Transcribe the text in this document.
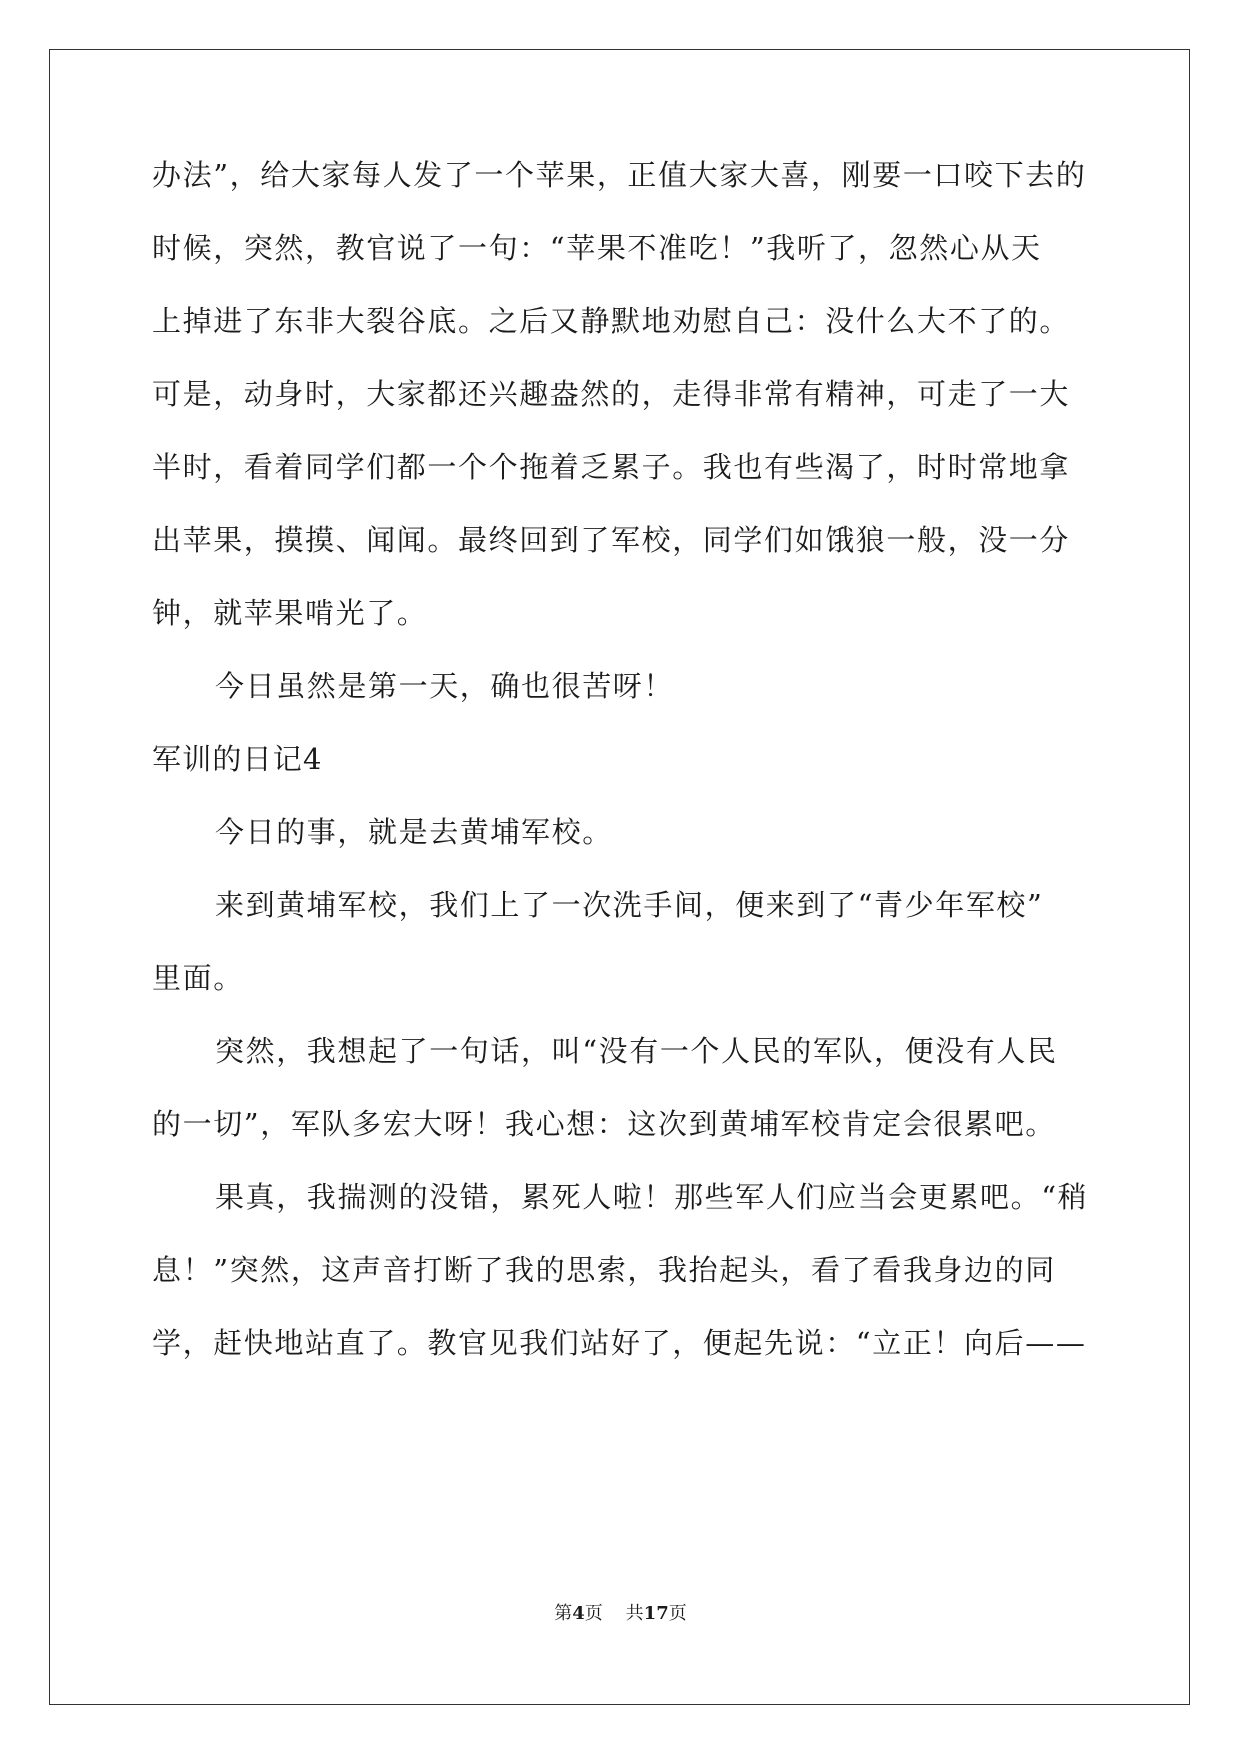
办法”，给大家每人发了一个苹果，正值大家大喜，刚要一口咬下去的
时候，突然，教官说了一句：“苹果不准吃！”我听了，忽然心从天
上掉进了东非大裂谷底。之后又静默地劝慰自己：没什么大不了的。
可是，动身时，大家都还兴趣盎然的，走得非常有精神，可走了一大
半时，看着同学们都一个个拖着乏累子。我也有些渴了，时时常地拿
出苹果，摸摸、闻闻。最终回到了军校，同学们如饿狼一般，没一分
钟，就苹果啃光了。
今日虽然是第一天，确也很苦呀！
军训的日记4
今日的事，就是去黄埔军校。
来到黄埔军校，我们上了一次洗手间，便来到了“青少年军校”
里面。
突然，我想起了一句话，叫“没有一个人民的军队，便没有人民
的一切”，军队多宏大呀！我心想：这次到黄埔军校肯定会很累吧。
果真，我揣测的没错，累死人啦！那些军人们应当会更累吧。“稍
息！”突然，这声音打断了我的思索，我抬起头，看了看我身边的同
学，赶快地站直了。教官见我们站好了，便起先说：“立正！向后——
第4页 共17页
